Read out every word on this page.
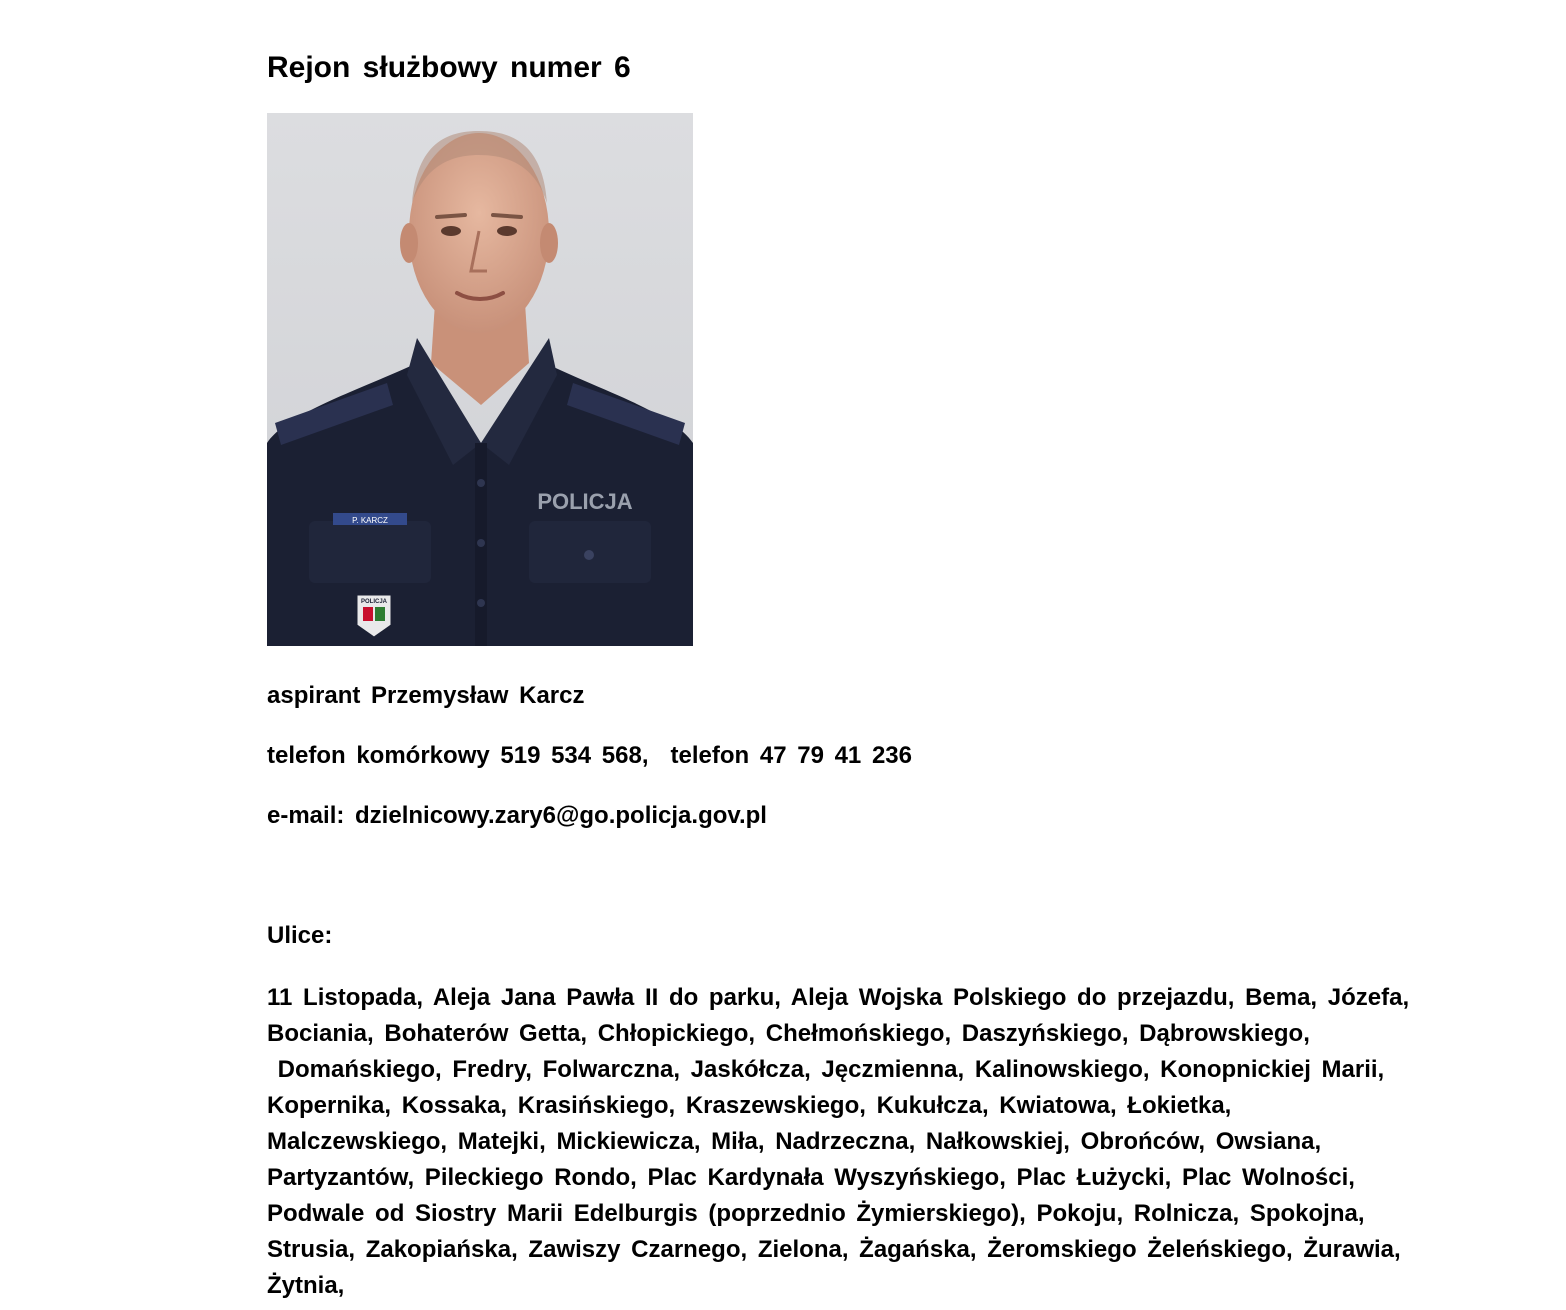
Rejon służbowy numer 6
P. KARCZ
POLICJA
POLICJA

aspirant Przemysław Karcz

telefon komórkowy 519 534 568, telefon 47 79 41 236

e-mail: dzielnicowy.zary6@go.policja.gov.pl

Ulice:

11 Listopada, Aleja Jana Pawła II do parku, Aleja Wojska Polskiego do przejazdu, Bema, Józefa,
Bociania, Bohaterów Getta, Chłopickiego, Chełmońskiego, Daszyńskiego, Dąbrowskiego,
Domańskiego, Fredry, Folwarczna, Jaskółcza, Jęczmienna, Kalinowskiego, Konopnickiej Marii,
Kopernika, Kossaka, Krasińskiego, Kraszewskiego, Kukułcza, Kwiatowa, Łokietka,
Malczewskiego, Matejki, Mickiewicza, Miła, Nadrzeczna, Nałkowskiej, Obrońców, Owsiana,
Partyzantów, Pileckiego Rondo, Plac Kardynała Wyszyńskiego, Plac Łużycki, Plac Wolności,
Podwale od Siostry Marii Edelburgis (poprzednio Żymierskiego), Pokoju, Rolnicza, Spokojna,
Strusia, Zakopiańska, Zawiszy Czarnego, Zielona, Żagańska, Żeromskiego Żeleńskiego, Żurawia,
Żytnia,
